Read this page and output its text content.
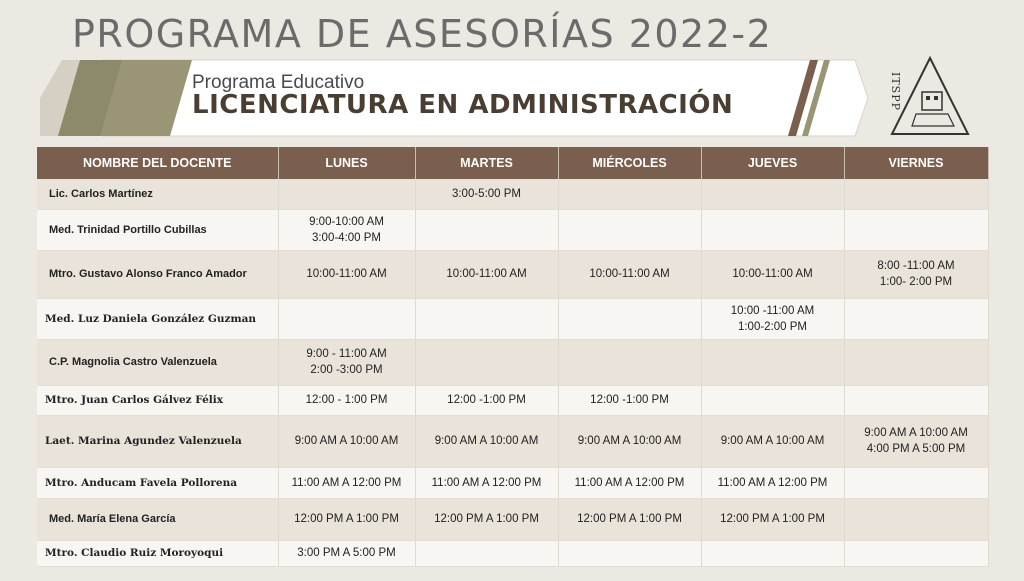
PROGRAMA DE ASESORÍAS 2022-2
Programa Educativo
LICENCIATURA EN ADMINISTRACIÓN	ITSPP
NOMBRE DEL DOCENTE	LUNES	MARTES	MIÉRCOLES	JUEVES	VIERNES
Lic. Carlos Martínez		3:00-5:00 PM			

Med. Trinidad Portillo Cubillas	9:00-10:00 AM
3:00-4:00 PM				

Mtro. Gustavo Alonso Franco Amador	10:00-11:00 AM	10:00-11:00 AM	10:00-11:00 AM	10:00-11:00 AM	8:00 -11:00 AM
1:00- 2:00 PM

Med. Luz Daniela González Guzman				10:00 -11:00 AM
1:00-2:00 PM	

C.P. Magnolia Castro Valenzuela	9:00 - 11:00 AM
2:00 -3:00 PM				

Mtro. Juan Carlos Gálvez Félix	12:00 - 1:00 PM	12:00 -1:00 PM	12:00 -1:00 PM		

Laet. Marina Agundez Valenzuela	9:00 AM A 10:00 AM	9:00 AM A 10:00 AM	9:00 AM A 10:00 AM	9:00 AM A 10:00 AM	9:00 AM A 10:00 AM
4:00 PM A 5:00 PM

Mtro. Anducam Favela Pollorena	11:00 AM A 12:00 PM	11:00 AM A 12:00 PM	11:00 AM A 12:00 PM	11:00 AM A 12:00 PM	

Med. María Elena García	12:00 PM A 1:00 PM	12:00 PM A 1:00 PM	12:00 PM A 1:00 PM	12:00 PM A 1:00 PM	

Mtro. Claudio Ruiz Moroyoqui	3:00 PM A 5:00 PM				
